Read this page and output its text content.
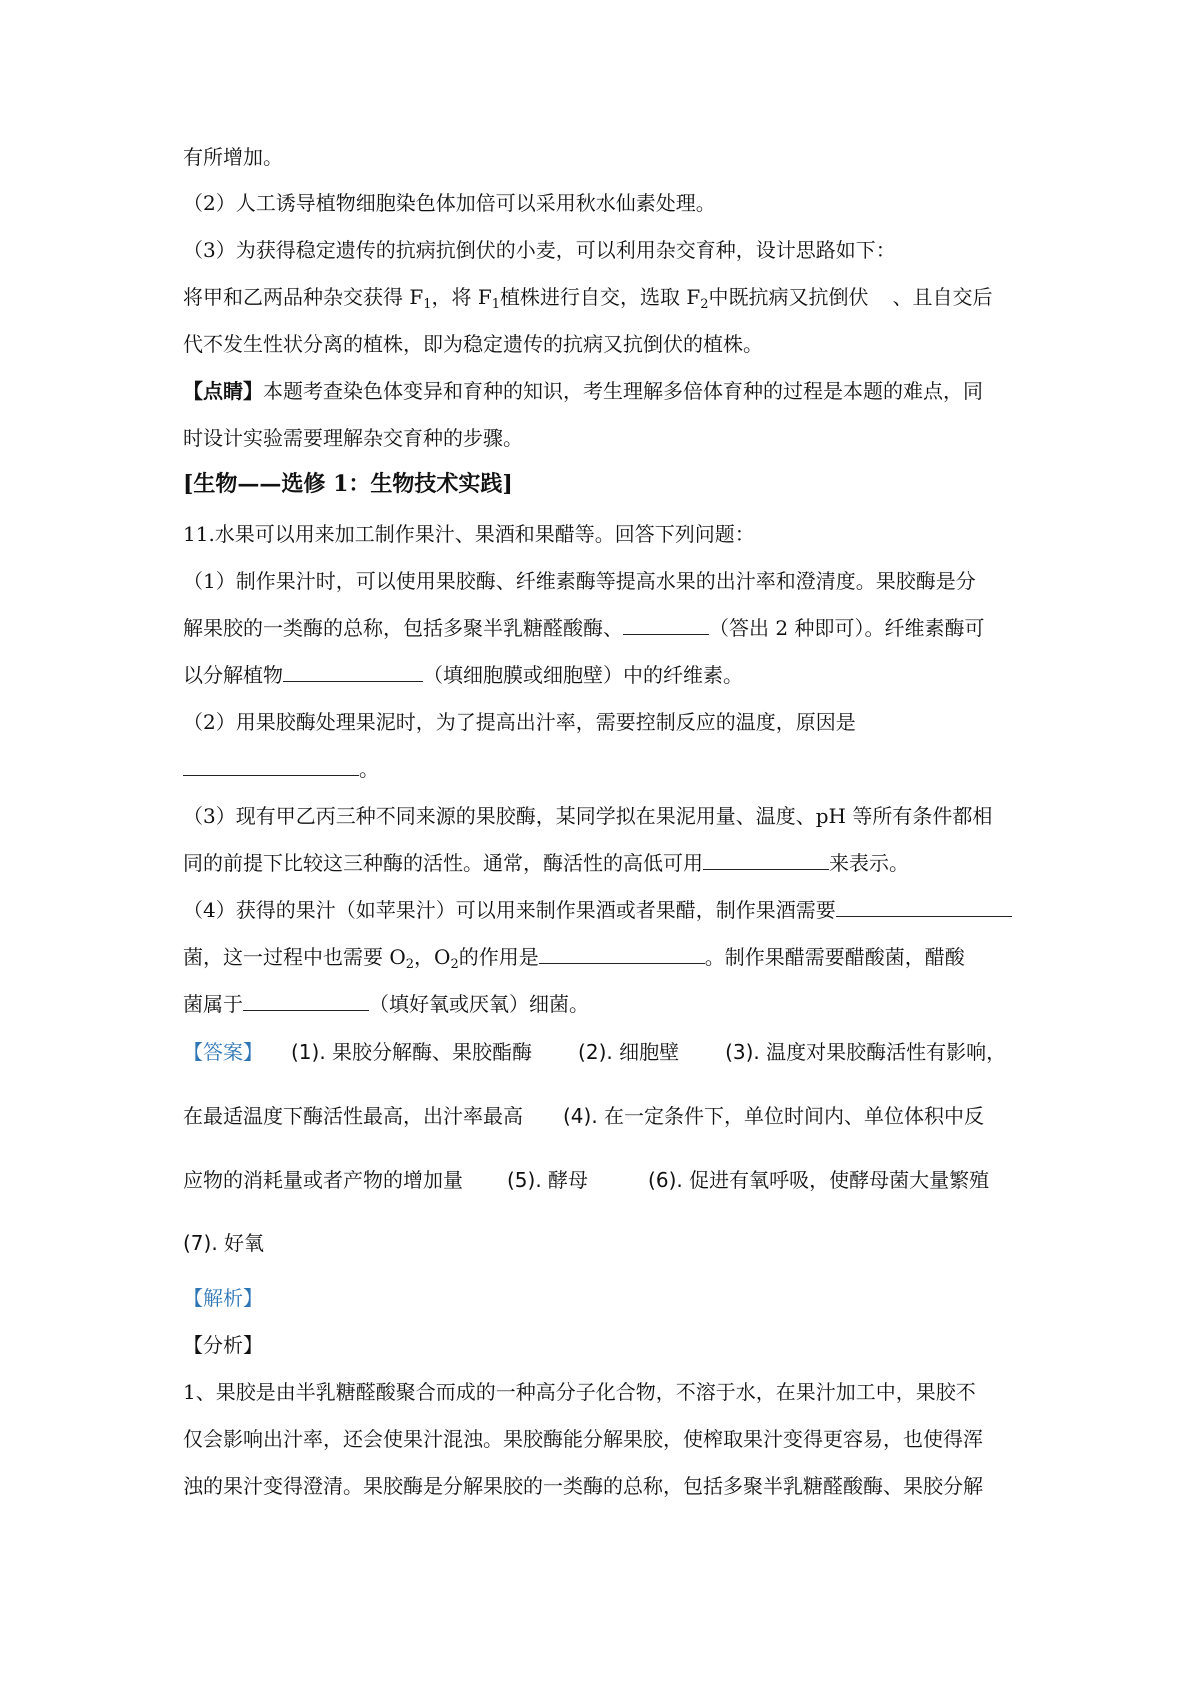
有所增加。
（2）人工诱导植物细胞染色体加倍可以采用秋水仙素处理。
（3）为获得稳定遗传的抗病抗倒伏的小麦，可以利用杂交育种，设计思路如下：
将甲和乙两品种杂交获得 $F_1$，将 $F_1$植株进行自交，选取 $F_2$中既抗病又抗倒伏 、且自交后
代不发生性状分离的植株，即为稳定遗传的抗病又抗倒伏的植株。
【点睛】本题考查染色体变异和育种的知识，考生理解多倍体育种的过程是本题的难点，同
时设计实验需要理解杂交育种的步骤。
[生物——选修 1：生物技术实践]
11.水果可以用来加工制作果汁、果酒和果醋等。回答下列问题：
（1）制作果汁时，可以使用果胶酶、纤维素酶等提高水果的出汁率和澄清度。果胶酶是分
解果胶的一类酶的总称，包括多聚半乳糖醛酸酶、	（答出 2 种即可）。纤维素酶可
以分解植物	（填细胞膜或细胞壁）中的纤维素。
（2）用果胶酶处理果泥时，为了提高出汁率，需要控制反应的温度，原因是
。
（3）现有甲乙丙三种不同来源的果胶酶，某同学拟在果泥用量、温度、pH 等所有条件都相
同的前提下比较这三种酶的活性。通常，酶活性的高低可用	来表示。
（4）获得的果汁（如苹果汁）可以用来制作果酒或者果醋，制作果酒需要
菌，这一过程中也需要 $O_2$，$O_2$的作用是	。制作果醋需要醋酸菌，醋酸
菌属于	（填好氧或厌氧）细菌。
【答案】 (1). 果胶分解酶、果胶酯酶 (2). 细胞壁 (3). 温度对果胶酶活性有影响，
在最适温度下酶活性最高，出汁率最高 (4). 在一定条件下，单位时间内、单位体积中反
应物的消耗量或者产物的增加量 (5). 酵母	(6). 促进有氧呼吸，使酵母菌大量繁殖
(7). 好氧
【解析】
【分析】
1、果胶是由半乳糖醛酸聚合而成的一种高分子化合物，不溶于水，在果汁加工中，果胶不
仅会影响出汁率，还会使果汁混浊。果胶酶能分解果胶，使榨取果汁变得更容易，也使得浑
浊的果汁变得澄清。果胶酶是分解果胶的一类酶的总称，包括多聚半乳糖醛酸酶、果胶分解
